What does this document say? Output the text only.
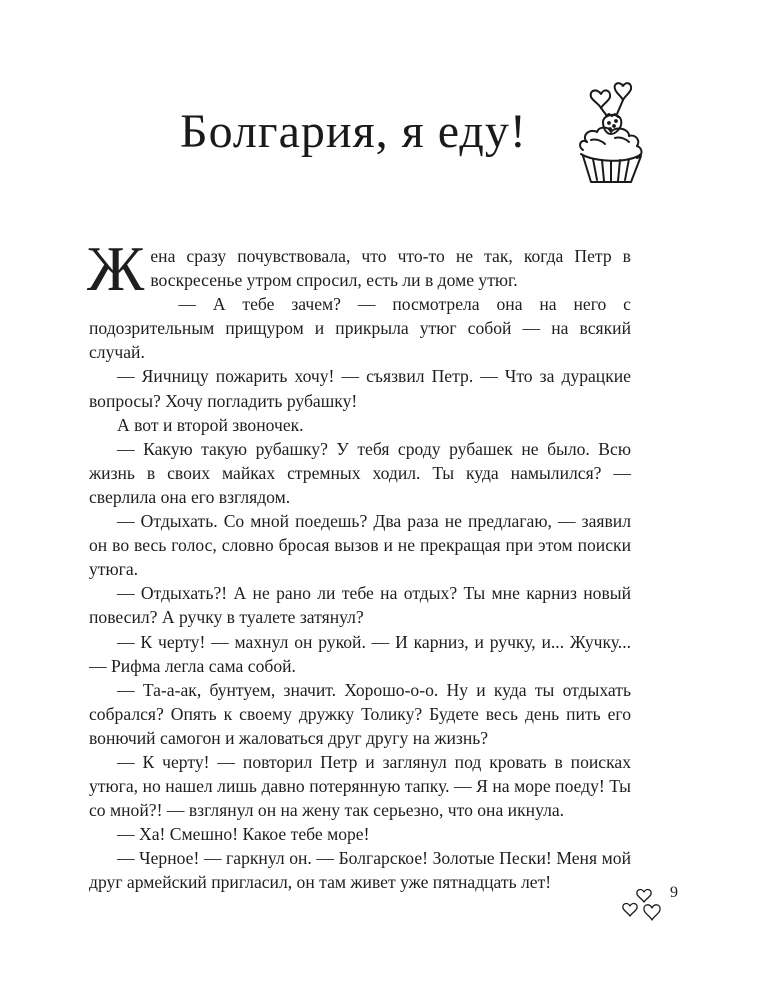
Болгария, я еду!

Жена сразу почувствовала, что что-то не так, когда Петр в воскресенье утром спросил, есть ли в доме утюг.

— А тебе зачем? — посмотрела она на него с подозрительным прищуром и прикрыла утюг собой — на всякий случай.

— Яичницу пожарить хочу! — съязвил Петр. — Что за дурацкие вопросы? Хочу погладить рубашку!

А вот и второй звоночек.

— Какую такую рубашку? У тебя сроду рубашек не было. Всю жизнь в своих майках стремных ходил. Ты куда намылился? — сверлила она его взглядом.

— Отдыхать. Со мной поедешь? Два раза не предлагаю, — заявил он во весь голос, словно бросая вызов и не прекращая при этом поиски утюга.

— Отдыхать?! А не рано ли тебе на отдых? Ты мне карниз новый повесил? А ручку в туалете затянул?

— К черту! — махнул он рукой. — И карниз, и ручку, и... Жучку... — Рифма легла сама собой.

— Та-а-ак, бунтуем, значит. Хорошо-о-о. Ну и куда ты отдыхать собрался? Опять к своему дружку Толику? Будете весь день пить его вонючий самогон и жаловаться друг другу на жизнь?

— К черту! — повторил Петр и заглянул под кровать в поисках утюга, но нашел лишь давно потерянную тапку. — Я на море поеду! Ты со мной?! — взглянул он на жену так серьезно, что она икнула.

— Ха! Смешно! Какое тебе море!

— Черное! — гаркнул он. — Болгарское! Золотые Пески! Меня мой друг армейский пригласил, он там живет уже пятнадцать лет!

9
